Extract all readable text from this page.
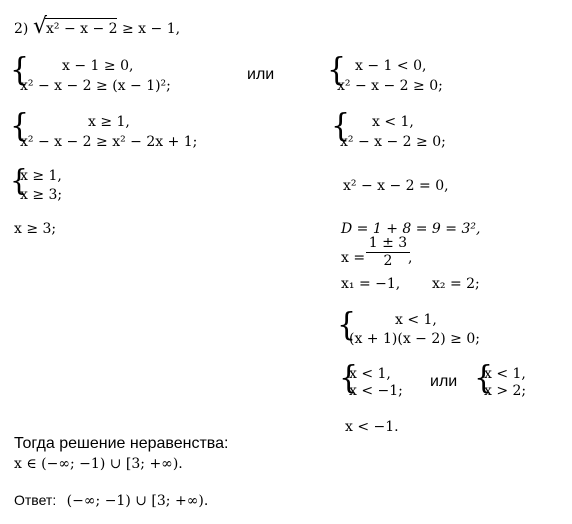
2) √
x² − x − 2 ≥ x − 1,
{ x − 1 ≥ 0,
x² − x − 2 ≥ (x − 1)²;
или
{	x ≥ 1,
x² − x − 2 ≥ x² − 2x + 1;
{
x ≥ 1,
x ≥ 3;
x ≥ 3;
{ x − 1 < 0,
x² − x − 2 ≥ 0;
{ x < 1,
x² − x − 2 ≥ 0;
x² − x − 2 = 0,
D = 1 + 8 = 9 = 3²,
x =
1 ± 3
2	,
x₁ = −1, x₂ = 2;
{	x < 1,
(x + 1)(x − 2) ≥ 0;
{
x < 1,
x < −1;
или {
x < 1,
x > 2;
x < −1.
Тогда решение неравенства:
x ∈ (−∞; −1) ∪ [3; +∞).
Ответ: (−∞; −1) ∪ [3; +∞).
